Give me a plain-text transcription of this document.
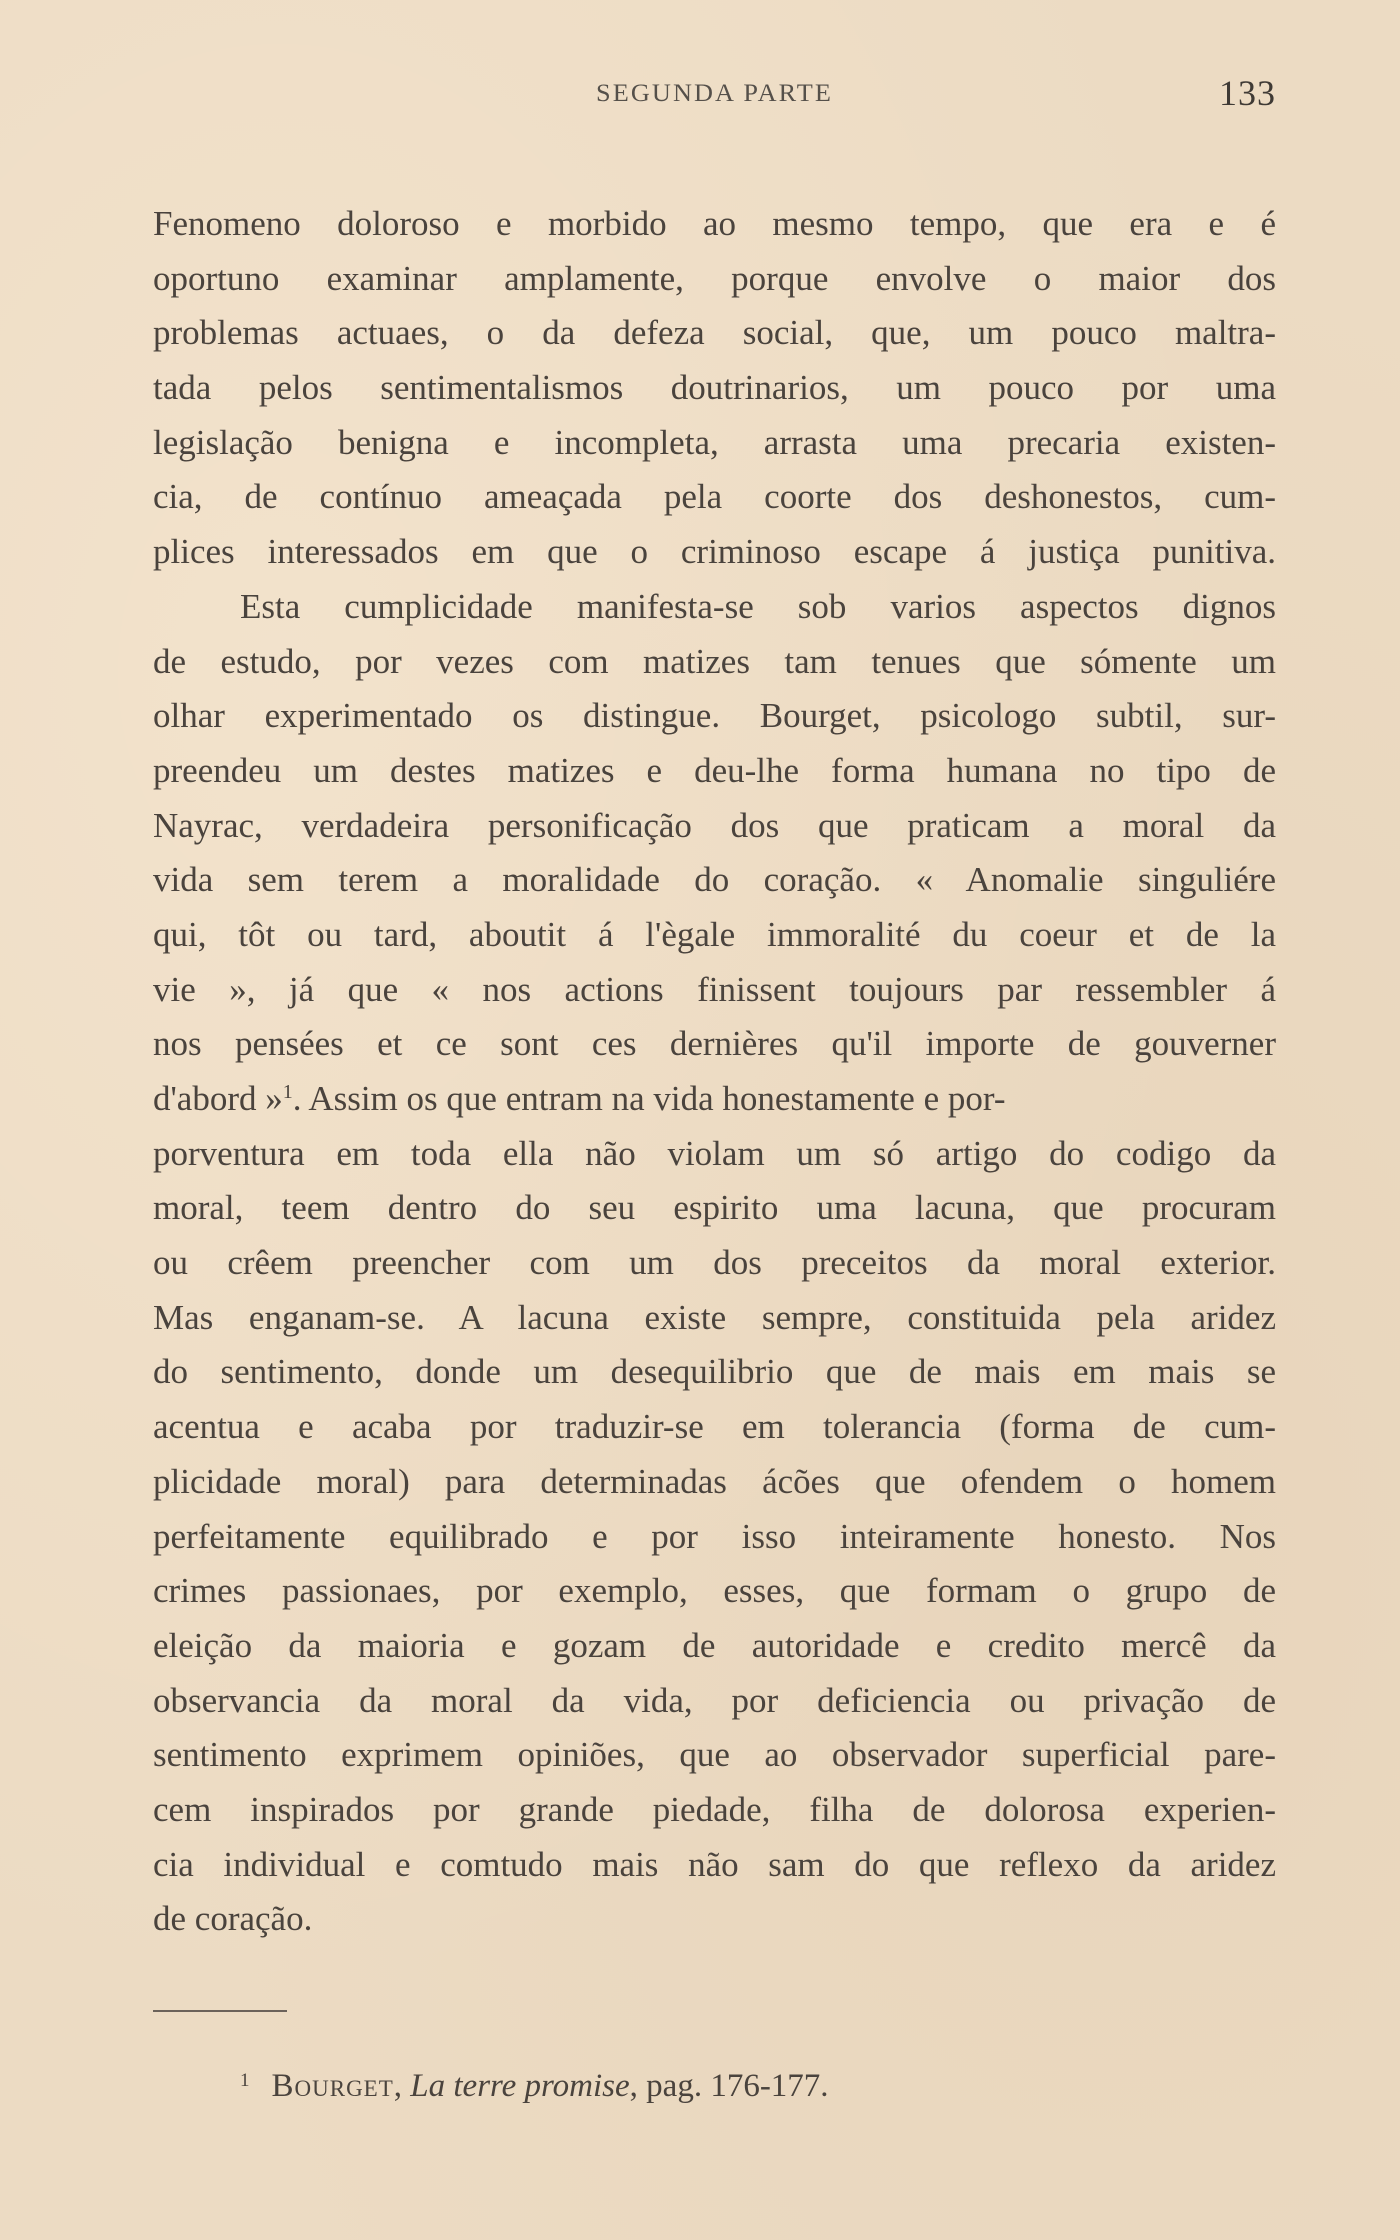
SEGUNDA PARTE	133
Fenomeno doloroso e morbido ao mesmo tempo, que era e é
oportuno examinar amplamente, porque envolve o maior dos
problemas actuaes, o da defeza social, que, um pouco maltra-
tada pelos sentimentalismos doutrinarios, um pouco por uma
legislação benigna e incompleta, arrasta uma precaria existen-
cia, de contínuo ameaçada pela coorte dos deshonestos, cum-
plices interessados em que o criminoso escape á justiça punitiva.
Esta cumplicidade manifesta-se sob varios aspectos dignos
de estudo, por vezes com matizes tam tenues que sómente um
olhar experimentado os distingue. Bourget, psicologo subtil, sur-
preendeu um destes matizes e deu-lhe forma humana no tipo de
Nayrac, verdadeira personificação dos que praticam a moral da
vida sem terem a moralidade do coração. « Anomalie singuliére
qui, tôt ou tard, aboutit á l'ègale immoralité du coeur et de la
vie », já que « nos actions finissent toujours par ressembler á
nos pensées et ce sont ces dernières qu'il importe de gouverner
d'abord »$^1$. Assim os que entram na vida honestamente e por-
porventura em toda ella não violam um só artigo do codigo da
moral, teem dentro do seu espirito uma lacuna, que procuram
ou crêem preencher com um dos preceitos da moral exterior.
Mas enganam-se. A lacuna existe sempre, constituida pela aridez
do sentimento, donde um desequilibrio que de mais em mais se
acentua e acaba por traduzir-se em tolerancia (forma de cum-
plicidade moral) para determinadas ácões que ofendem o homem
perfeitamente equilibrado e por isso inteiramente honesto. Nos
crimes passionaes, por exemplo, esses, que formam o grupo de
eleição da maioria e gozam de autoridade e credito mercê da
observancia da moral da vida, por deficiencia ou privação de
sentimento exprimem opiniões, que ao observador superficial pare-
cem inspirados por grande piedade, filha de dolorosa experien-
cia individual e comtudo mais não sam do que reflexo da aridez
de coração.
$^1$ Bourget, La terre promise, pag. 176-177.
